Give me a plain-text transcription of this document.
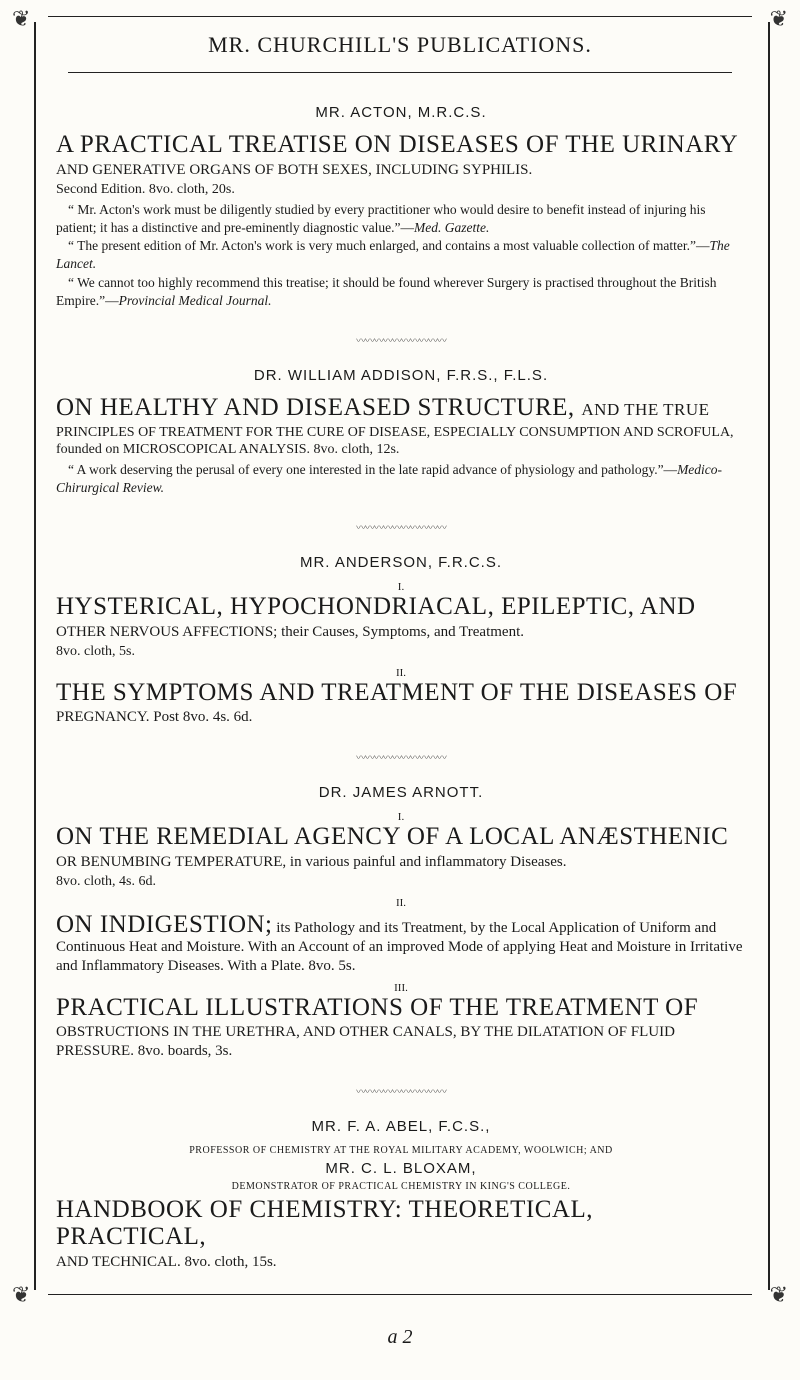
❦	❦
❦	❦
MR. CHURCHILL'S PUBLICATIONS.

MR. ACTON, M.R.C.S.

A PRACTICAL TREATISE ON DISEASES OF THE URINARY

AND GENERATIVE ORGANS OF BOTH SEXES, INCLUDING SYPHILIS.

Second Edition. 8vo. cloth, 20s.

“ Mr. Acton's work must be diligently studied by every practitioner who would desire to benefit instead of injuring his patient; it has a distinctive and pre-eminently diagnostic value.”—Med. Gazette.

“ The present edition of Mr. Acton's work is very much enlarged, and contains a most valuable collection of matter.”—The Lancet.

“ We cannot too highly recommend this treatise; it should be found wherever Surgery is practised throughout the British Empire.”—Provincial Medical Journal.

〰〰〰〰〰〰〰〰〰〰

DR. WILLIAM ADDISON, F.R.S., F.L.S.

ON HEALTHY AND DISEASED STRUCTURE, AND THE TRUE

PRINCIPLES OF TREATMENT FOR THE CURE OF DISEASE, ESPECIALLY CONSUMPTION AND SCROFULA, founded on MICROSCOPICAL ANALYSIS. 8vo. cloth, 12s.

“ A work deserving the perusal of every one interested in the late rapid advance of physiology and pathology.”—Medico-Chirurgical Review.

〰〰〰〰〰〰〰〰〰〰

MR. ANDERSON, F.R.C.S.

I.

HYSTERICAL, HYPOCHONDRIACAL, EPILEPTIC, AND

OTHER NERVOUS AFFECTIONS; their Causes, Symptoms, and Treatment.

8vo. cloth, 5s.

II.

THE SYMPTOMS AND TREATMENT OF THE DISEASES OF

PREGNANCY. Post 8vo. 4s. 6d.

〰〰〰〰〰〰〰〰〰〰

DR. JAMES ARNOTT.

I.

ON THE REMEDIAL AGENCY OF A LOCAL ANÆSTHENIC

OR BENUMBING TEMPERATURE, in various painful and inflammatory Diseases.

8vo. cloth, 4s. 6d.

II.

ON INDIGESTION; its Pathology and its Treatment, by the Local Application of Uniform and Continuous Heat and Moisture. With an Account of an improved Mode of applying Heat and Moisture in Irritative and Inflammatory Diseases. With a Plate. 8vo. 5s.

III.

PRACTICAL ILLUSTRATIONS OF THE TREATMENT OF

OBSTRUCTIONS IN THE URETHRA, AND OTHER CANALS, BY THE DILATATION OF FLUID PRESSURE. 8vo. boards, 3s.

〰〰〰〰〰〰〰〰〰〰

MR. F. A. ABEL, F.C.S.,

PROFESSOR OF CHEMISTRY AT THE ROYAL MILITARY ACADEMY, WOOLWICH; AND

MR. C. L. BLOXAM,

DEMONSTRATOR OF PRACTICAL CHEMISTRY IN KING'S COLLEGE.

HANDBOOK OF CHEMISTRY: THEORETICAL, PRACTICAL,

AND TECHNICAL. 8vo. cloth, 15s.

a 2
